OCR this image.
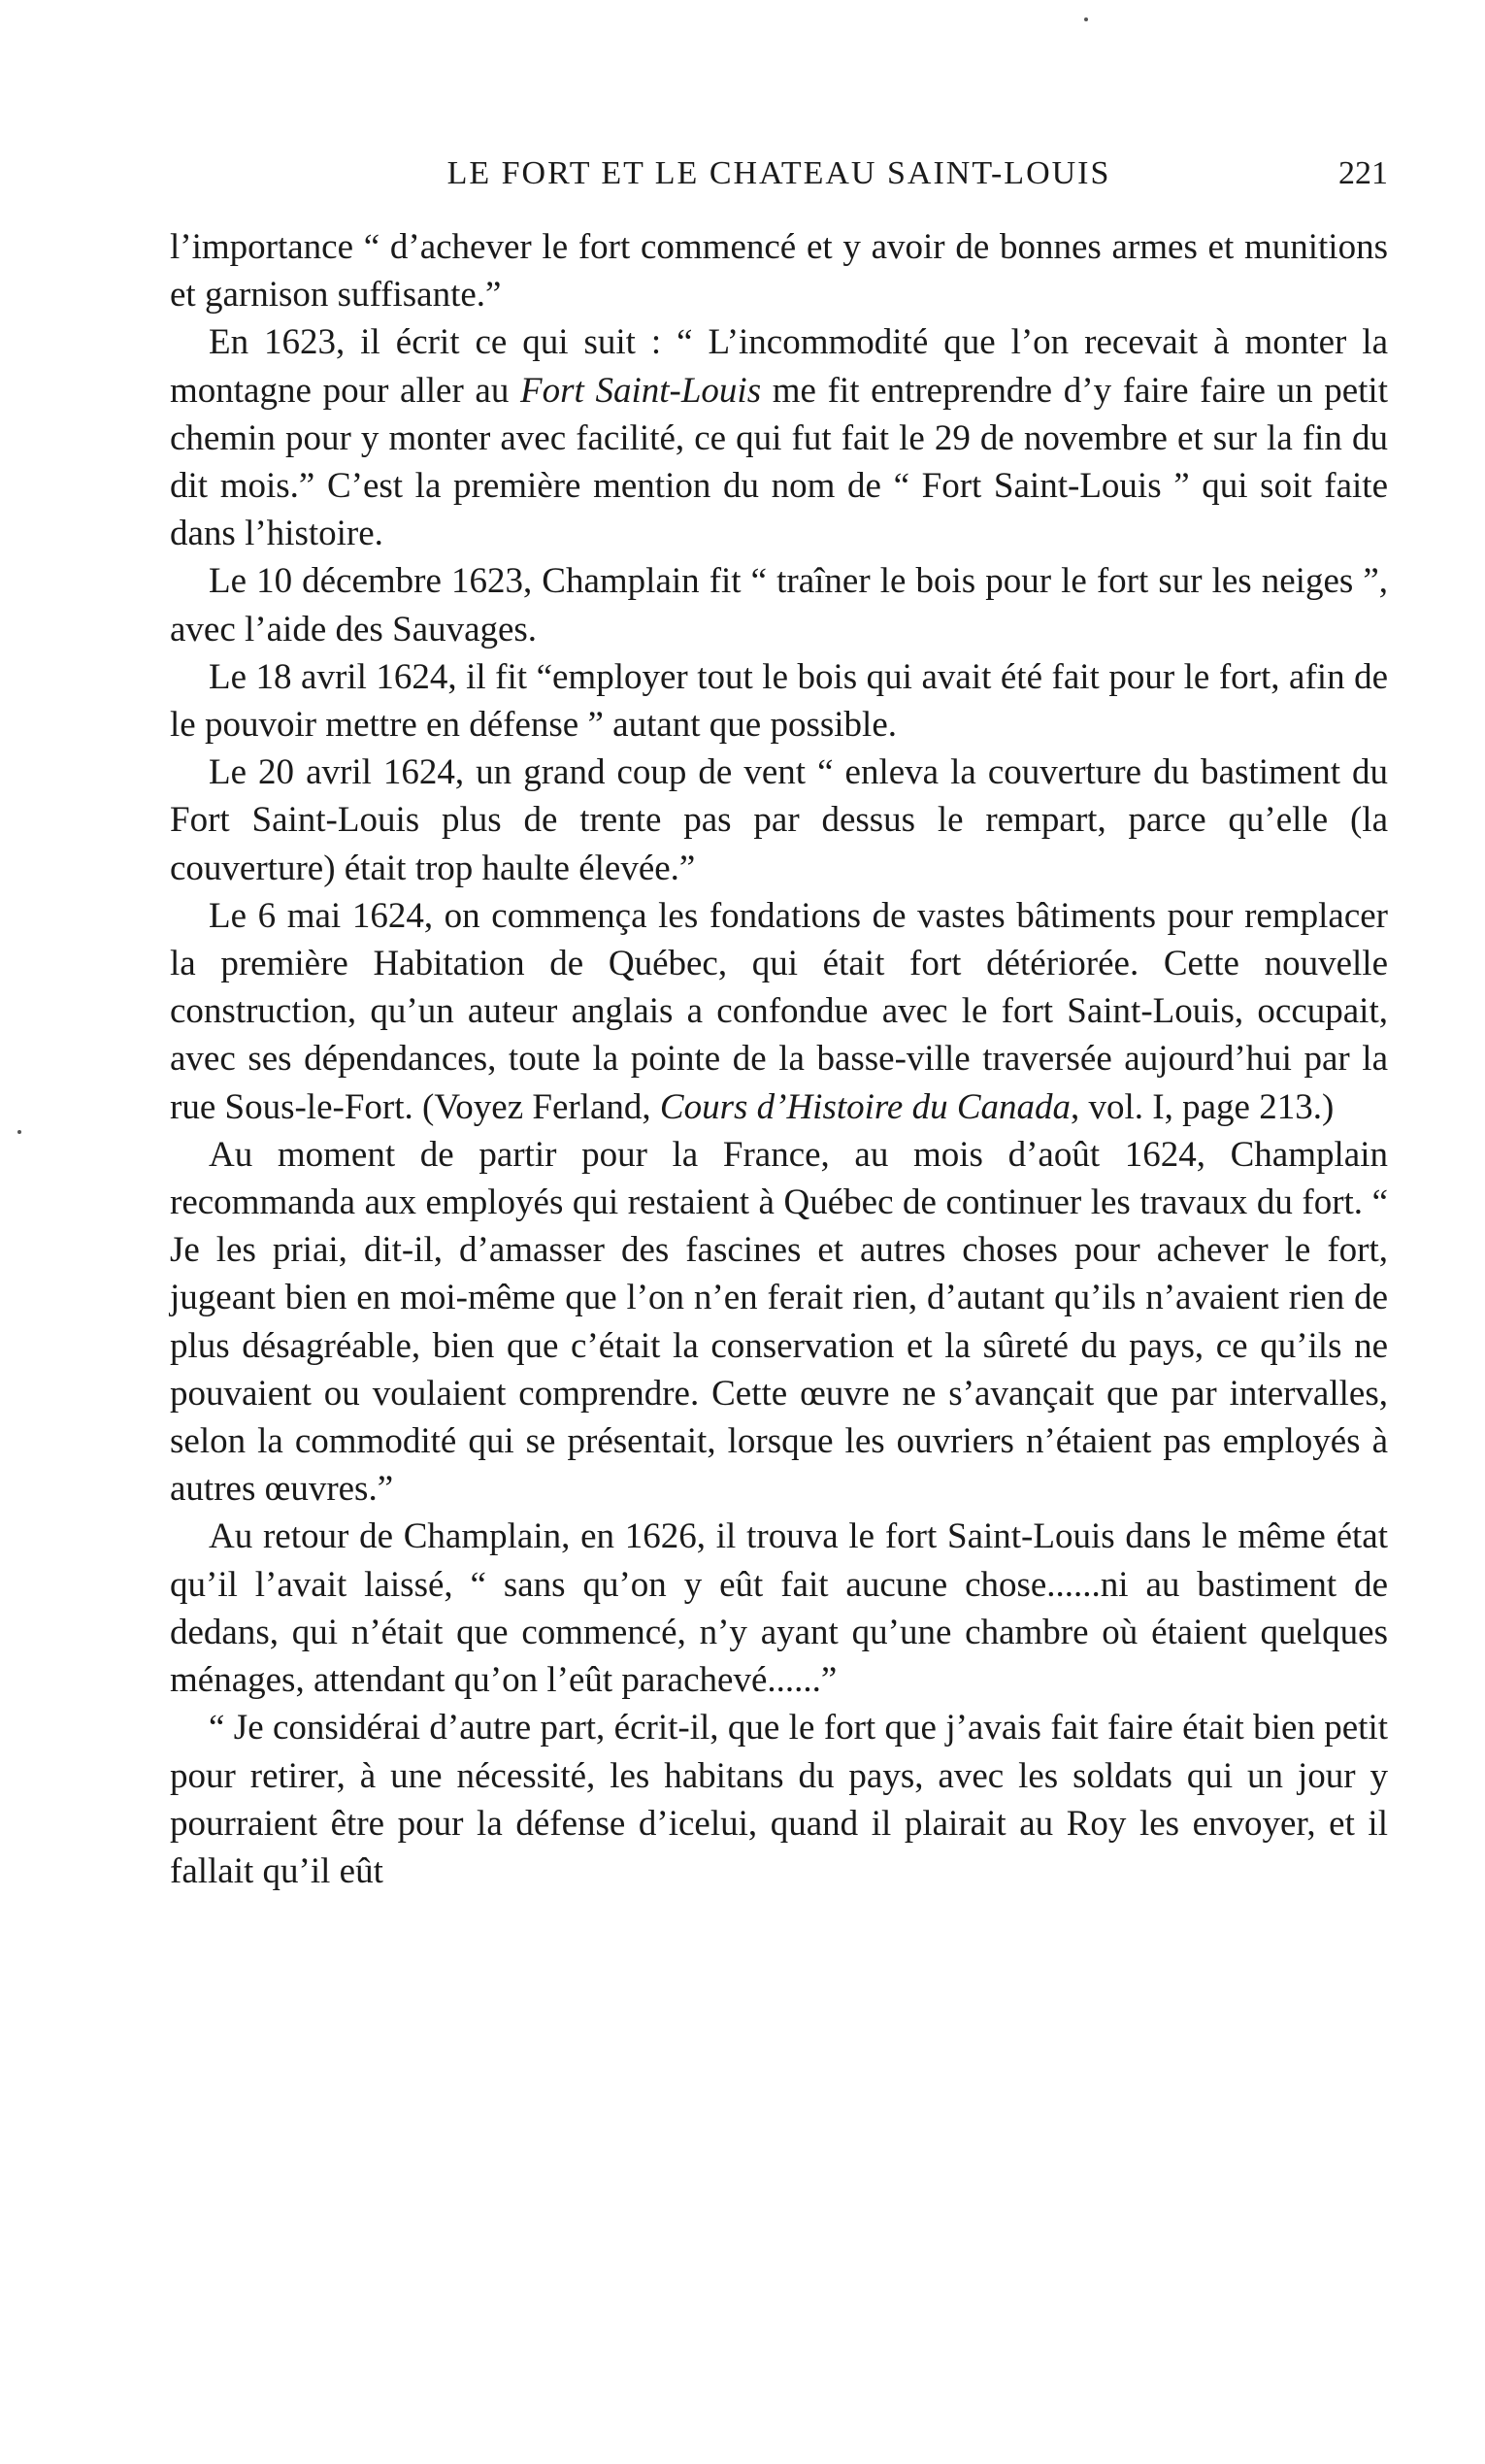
LE FORT ET LE CHATEAU SAINT-LOUIS	221

l’importance “ d’achever le fort commencé et y avoir de bonnes armes et munitions et garnison suffisante.”

En 1623, il écrit ce qui suit : “ L’incommodité que l’on recevait à monter la montagne pour aller au Fort Saint-Louis me fit entreprendre d’y faire faire un petit chemin pour y monter avec facilité, ce qui fut fait le 29 de novembre et sur la fin du dit mois.” C’est la première mention du nom de “ Fort Saint-Louis ” qui soit faite dans l’histoire.

Le 10 décembre 1623, Champlain fit “ traîner le bois pour le fort sur les neiges ”, avec l’aide des Sauvages.

Le 18 avril 1624, il fit “employer tout le bois qui avait été fait pour le fort, afin de le pouvoir mettre en défense ” autant que possible.

Le 20 avril 1624, un grand coup de vent “ enleva la couverture du bastiment du Fort Saint-Louis plus de trente pas par dessus le rempart, parce qu’elle (la couverture) était trop haulte élevée.”

Le 6 mai 1624, on commença les fondations de vastes bâtiments pour remplacer la première Habitation de Québec, qui était fort détériorée. Cette nouvelle construction, qu’un auteur anglais a confondue avec le fort Saint-Louis, occupait, avec ses dépendances, toute la pointe de la basse-ville traversée aujourd’hui par la rue Sous-le-Fort. (Voyez Ferland, Cours d’Histoire du Canada, vol. I, page 213.)

Au moment de partir pour la France, au mois d’août 1624, Champlain recommanda aux employés qui restaient à Québec de continuer les travaux du fort. “ Je les priai, dit-il, d’amasser des fascines et autres choses pour achever le fort, jugeant bien en moi-même que l’on n’en ferait rien, d’autant qu’ils n’avaient rien de plus désagréable, bien que c’était la conservation et la sûreté du pays, ce qu’ils ne pouvaient ou voulaient comprendre. Cette œuvre ne s’avançait que par intervalles, selon la commodité qui se présentait, lorsque les ouvriers n’étaient pas employés à autres œuvres.”

Au retour de Champlain, en 1626, il trouva le fort Saint-Louis dans le même état qu’il l’avait laissé, “ sans qu’on y eût fait aucune chose......ni au bastiment de dedans, qui n’était que commencé, n’y ayant qu’une chambre où étaient quelques ménages, attendant qu’on l’eût parachevé......”

“ Je considérai d’autre part, écrit-il, que le fort que j’avais fait faire était bien petit pour retirer, à une nécessité, les habitans du pays, avec les soldats qui un jour y pourraient être pour la défense d’icelui, quand il plairait au Roy les envoyer, et il fallait qu’il eût
